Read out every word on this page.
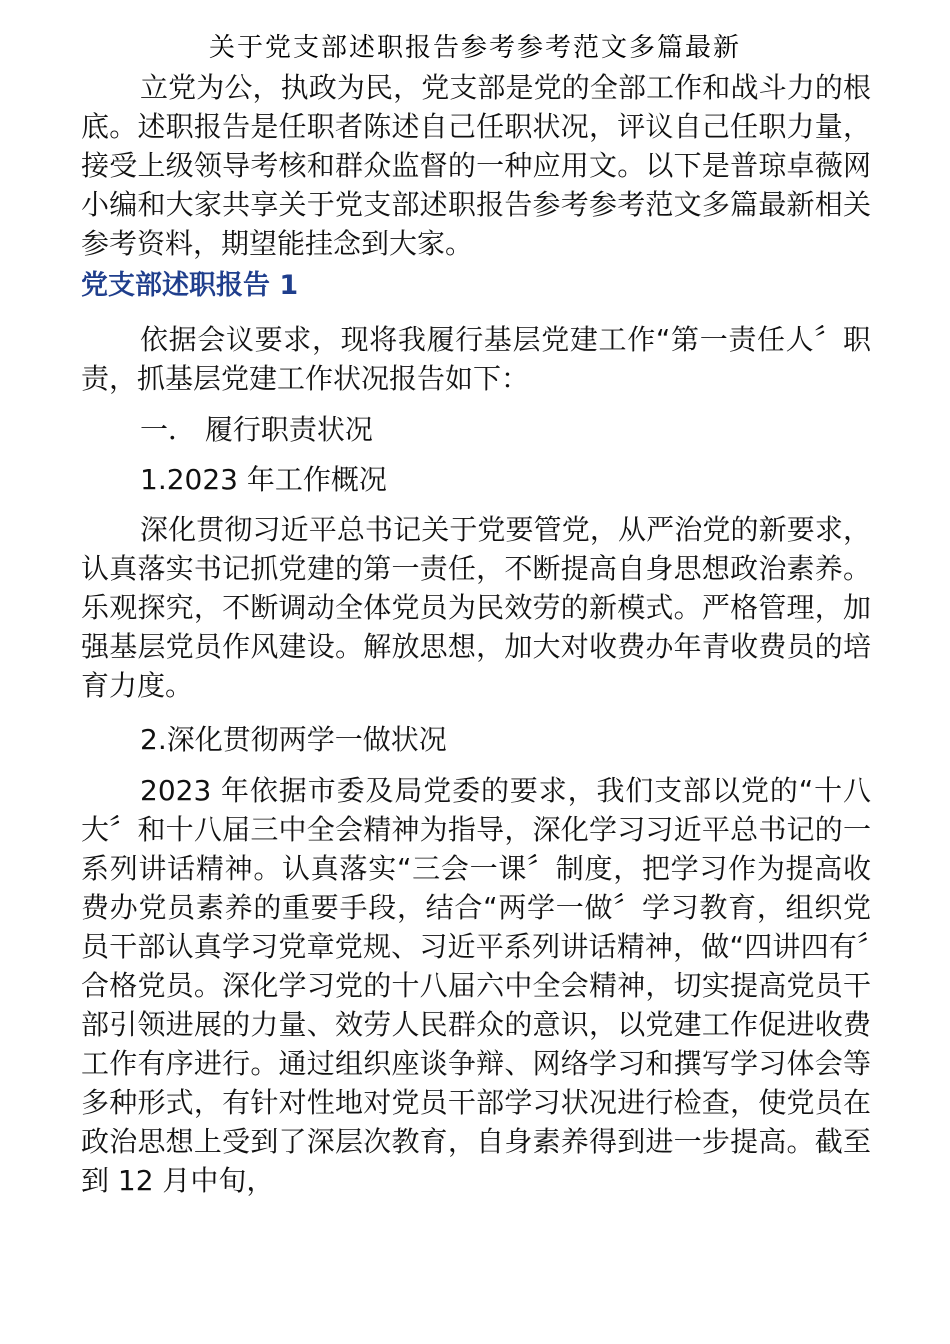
关于党支部述职报告参考参考范文多篇最新

立党为公，执政为民，党支部是党的全部工作和战斗力的根底。述职报告是任职者陈述自己任职状况，评议自己任职力量，接受上级领导考核和群众监督的一种应用文。以下是普琼卓薇网小编和大家共享关于党支部述职报告参考参考范文多篇最新相关参考资料，期望能挂念到大家。

党支部述职报告 1

依据会议要求，现将我履行基层党建工作“第一责任人〞职责，抓基层党建工作状况报告如下：

一． 履行职责状况
1.2023 年工作概况

深化贯彻习近平总书记关于党要管党，从严治党的新要求，认真落实书记抓党建的第一责任，不断提高自身思想政治素养。乐观探究，不断调动全体党员为民效劳的新模式。严格管理，加强基层党员作风建设。解放思想，加大对收费办年青收费员的培育力度。

2.深化贯彻两学一做状况

2023 年依据市委及局党委的要求，我们支部以党的“十八大〞和十八届三中全会精神为指导，深化学习习近平总书记的一系列讲话精神。认真落实“三会一课〞制度，把学习作为提高收费办党员素养的重要手段，结合“两学一做〞学习教育，组织党员干部认真学习党章党规、习近平系列讲话精神，做“四讲四有〞合格党员。深化学习党的十八届六中全会精神，切实提高党员干部引领进展的力量、效劳人民群众的意识，以党建工作促进收费工作有序进行。通过组织座谈争辩、网络学习和撰写学习体会等多种形式，有针对性地对党员干部学习状况进行检查，使党员在政治思想上受到了深层次教育，自身素养得到进一步提高。截至到 12 月中旬，
